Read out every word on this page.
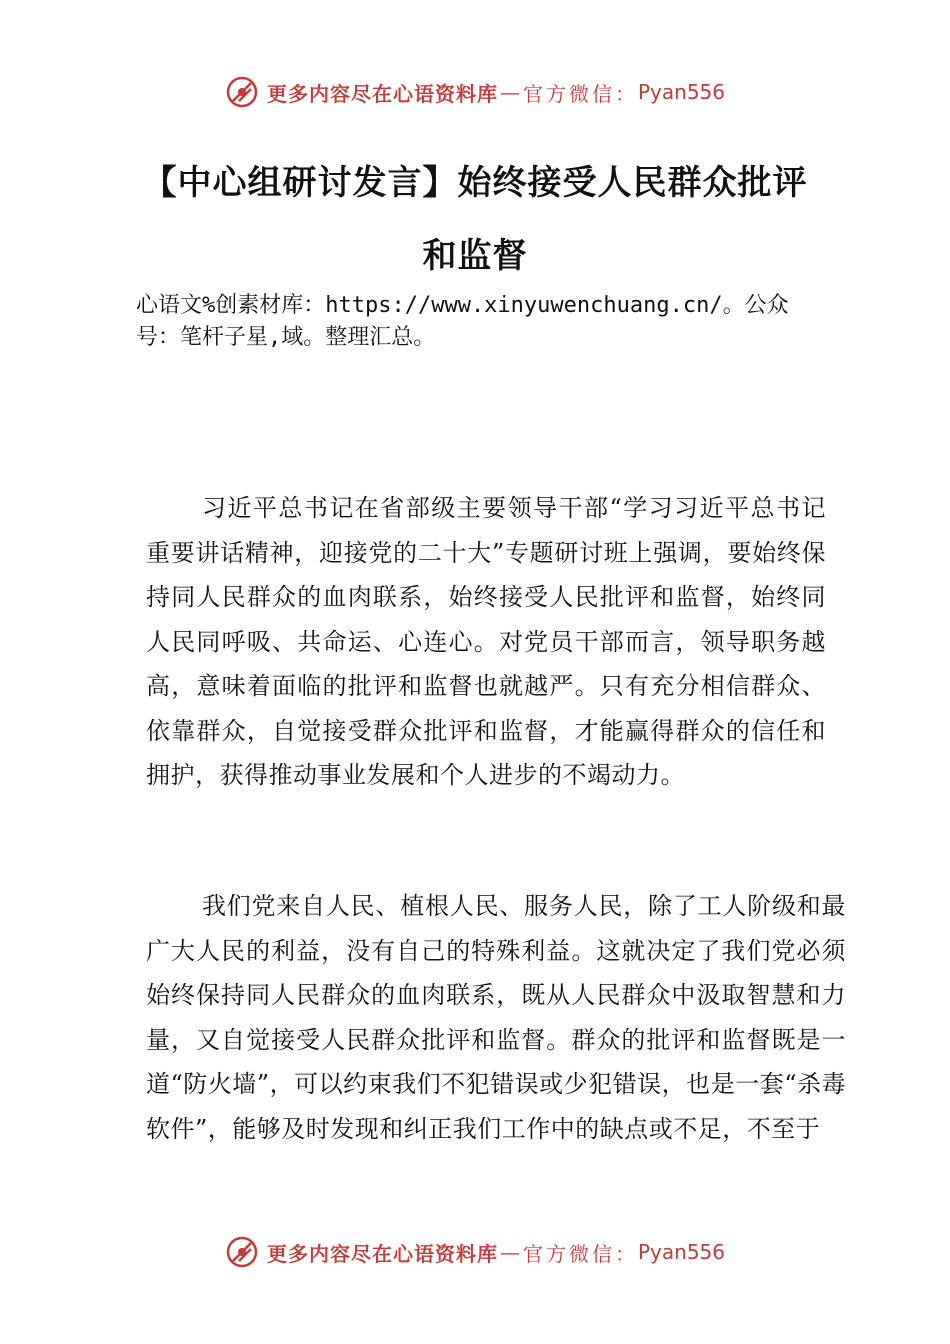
更多内容尽在心语资料库 — 官方微信： Pyan556
【中心组研讨发言】始终接受人民群众批评
和监督
心语文%创素材库：https://www.xinyuwenchuang.cn/。公众号：笔杆子星,域。整理汇总。

习近平总书记在省部级主要领导干部“学习习近平总书记重要讲话精神，迎接党的二十大”专题研讨班上强调，要始终保持同人民群众的血肉联系，始终接受人民批评和监督，始终同人民同呼吸、共命运、心连心。对党员干部而言，领导职务越高，意味着面临的批评和监督也就越严。只有充分相信群众、依靠群众，自觉接受群众批评和监督，才能赢得群众的信任和拥护，获得推动事业发展和个人进步的不竭动力。

我们党来自人民、植根人民、服务人民，除了工人阶级和最广大人民的利益，没有自己的特殊利益。这就决定了我们党必须始终保持同人民群众的血肉联系，既从人民群众中汲取智慧和力量，又自觉接受人民群众批评和监督。群众的批评和监督既是一道“防火墙”，可以约束我们不犯错误或少犯错误，也是一套“杀毒软件”，能够及时发现和纠正我们工作中的缺点或不足，不至于

更多内容尽在心语资料库 — 官方微信： Pyan556
